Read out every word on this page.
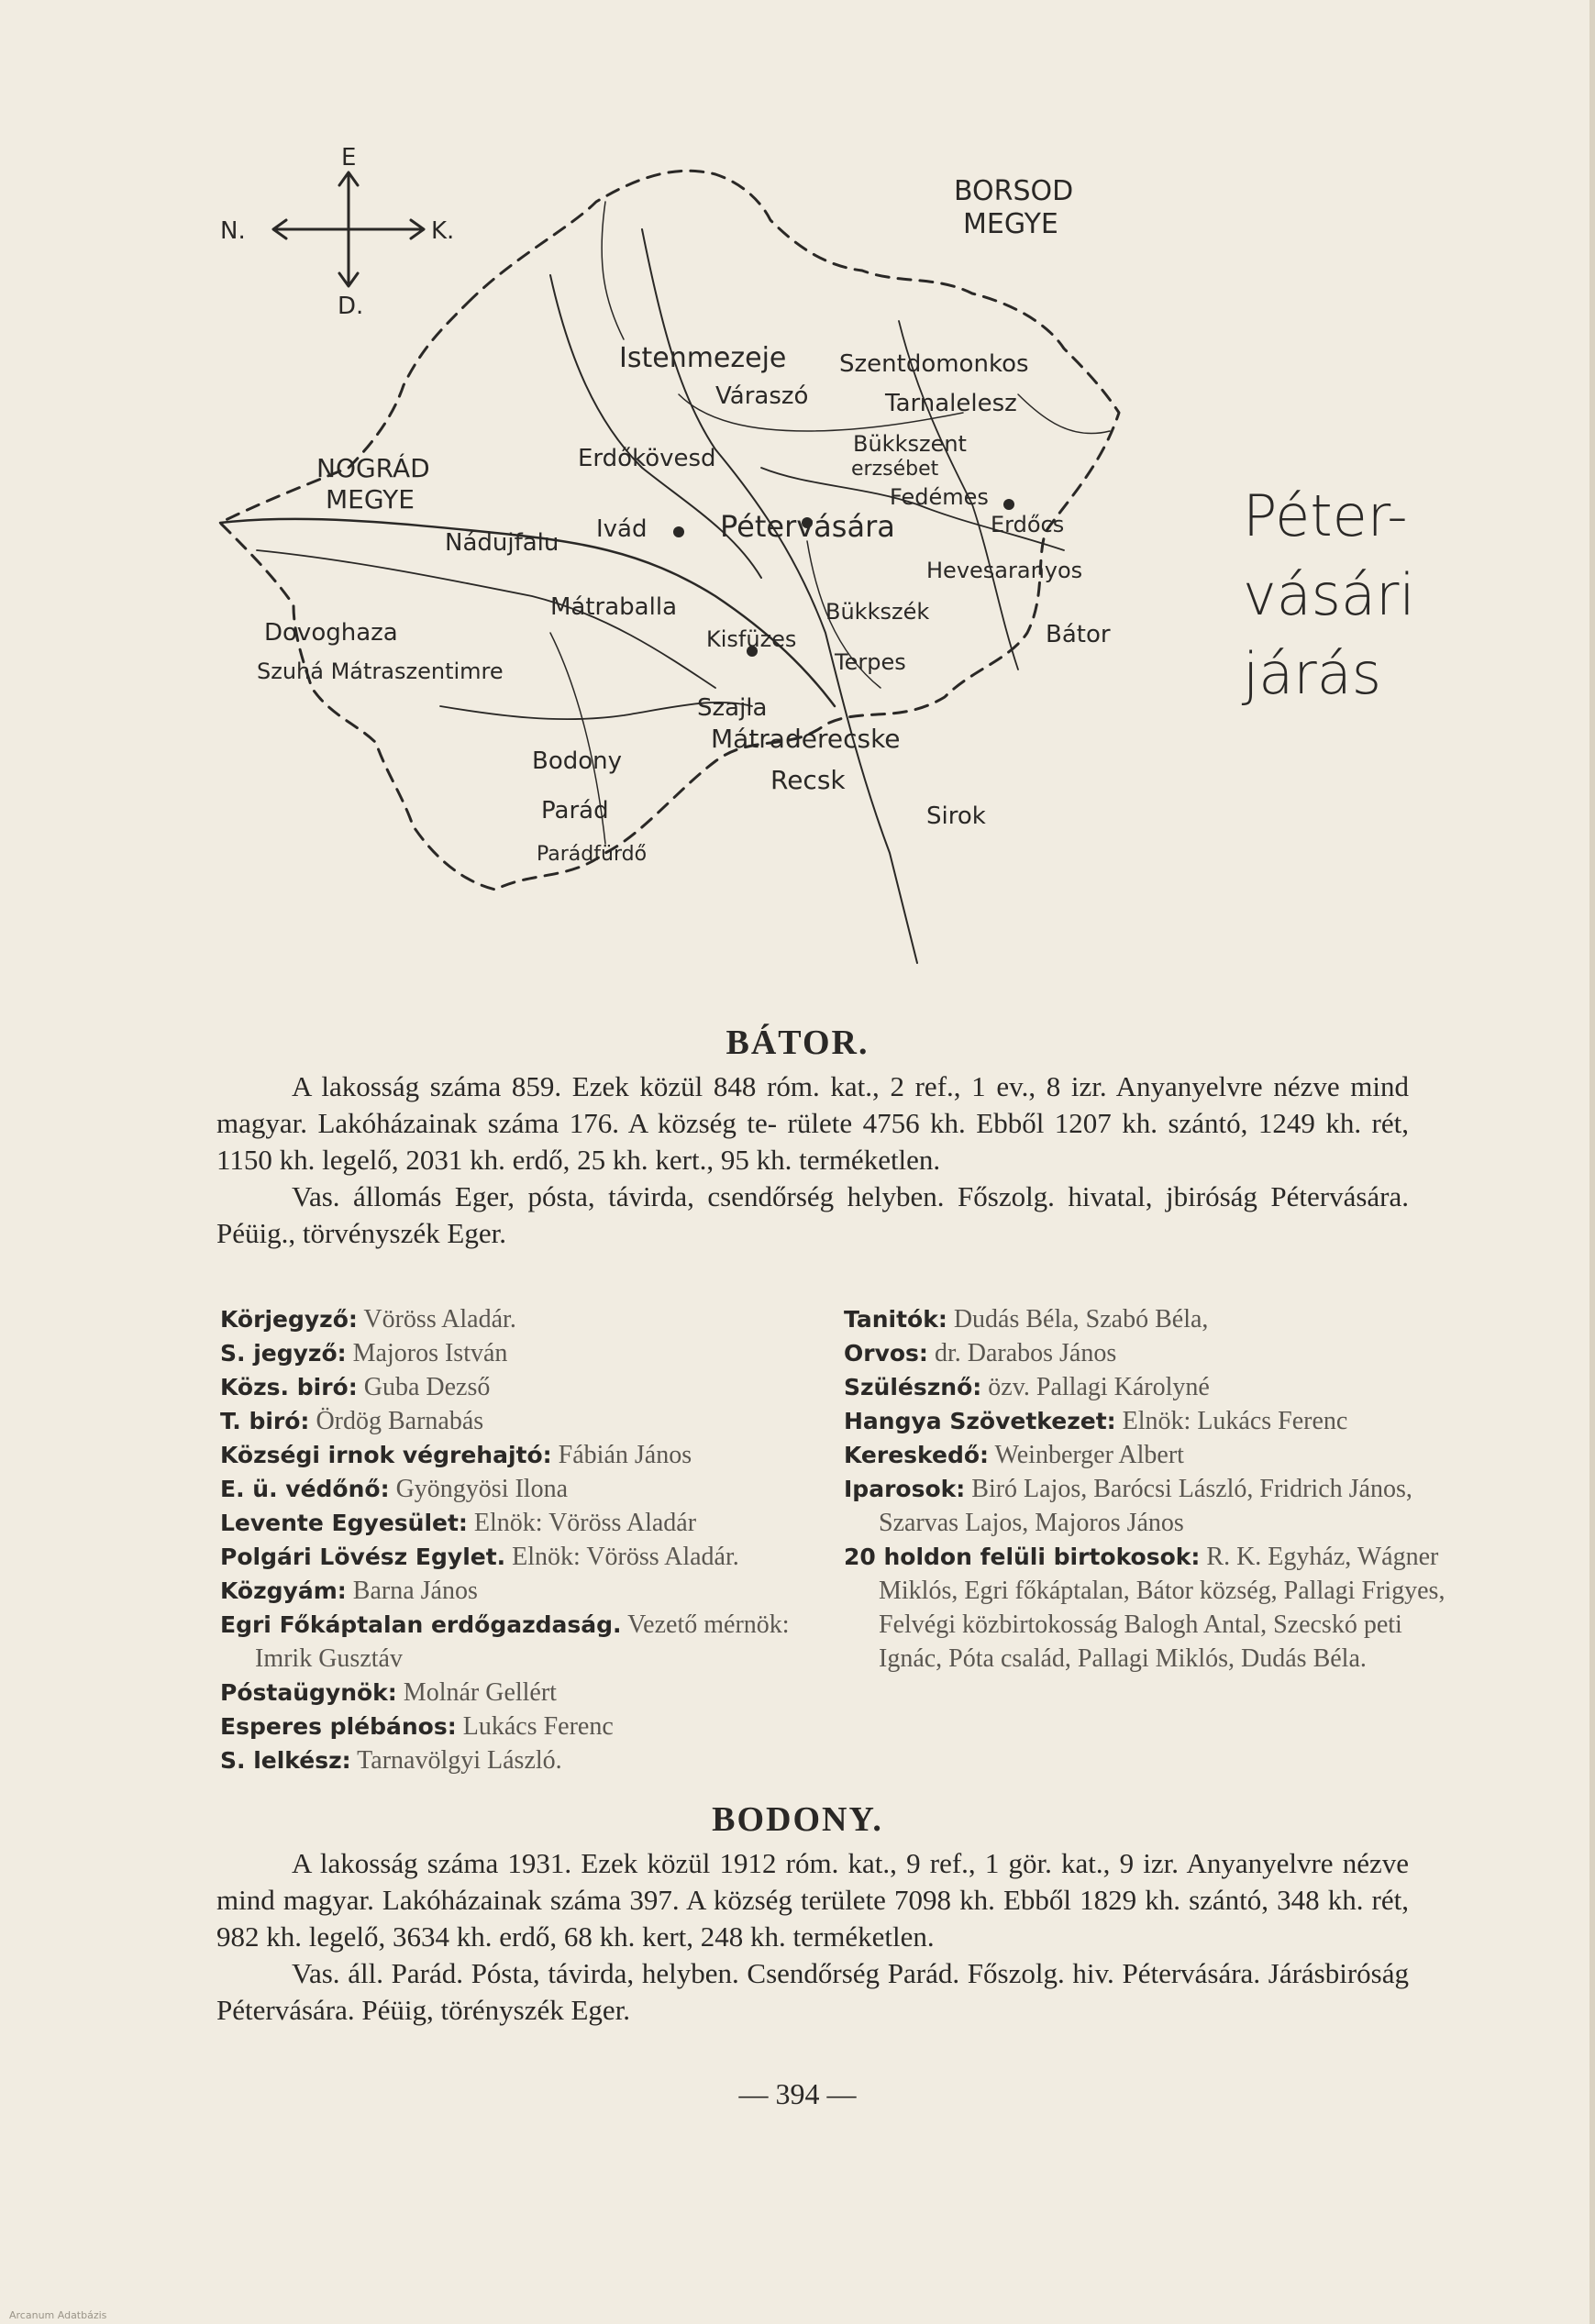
E
D.
N.	K.
BORSOD
MEGYE
NOGRÁD
MEGYE
Istenmezeje Szentdomonkos
Váraszó	Tarnalelesz
Erdőkövesd
Bükkszent
erzsébet
Fedémes
Ivád Pétervására	Erdőcs
Nádujfalu
Hevesaranyos
Bátor
Mátraballa
Kisfüzes
Bükkszék
Dovoghaza
Szuhá Mátraszentimre	Terpes
Szajla
Mátraderecske
Bodony
Recsk
Sirok
Parád
Parádfürdő
Péter-
vásári
járás
BÁTOR.

A lakosság száma 859. Ezek közül 848 róm. kat., 2 ref., 1 ev., 8 izr. Anyanyelvre nézve mind magyar. Lakóházainak száma 176. A község te- rülete 4756 kh. Ebből 1207 kh. szántó, 1249 kh. rét, 1150 kh. legelő, 2031 kh. erdő, 25 kh. kert., 95 kh. terméketlen.

Vas. állomás Eger, pósta, távirda, csendőrség helyben. Főszolg. hivatal, jbiróság Pétervására. Péüig., törvényszék Eger.

Körjegyző: Vöröss Aladár.
S. jegyző: Majoros István
Közs. biró: Guba Dezső
T. biró: Ördög Barnabás
Községi irnok végrehajtó: Fábián János
E. ü. védőnő: Gyöngyösi Ilona
Levente Egyesület: Elnök: Vöröss Aladár
Polgári Lövész Egylet. Elnök: Vöröss Aladár.
Közgyám: Barna János
Egri Főkáptalan erdőgazdaság. Vezető mérnök: Imrik Gusztáv
Póstaügynök: Molnár Gellért
Esperes plébános: Lukács Ferenc
S. lelkész: Tarnavölgyi László.
Tanitók: Dudás Béla, Szabó Béla,
Orvos: dr. Darabos János
Szülésznő: özv. Pallagi Károlyné
Hangya Szövetkezet: Elnök: Lukács Ferenc
Kereskedő: Weinberger Albert
Iparosok: Biró Lajos, Barócsi László, Fridrich János, Szarvas Lajos, Majoros János
20 holdon felüli birtokosok: R. K. Egyház, Wágner Miklós, Egri főkáptalan, Bátor község, Pallagi Frigyes, Felvégi közbirtokosság Balogh Antal, Szecskó peti Ignác, Póta család, Pallagi Miklós, Dudás Béla.
BODONY.

A lakosság száma 1931. Ezek közül 1912 róm. kat., 9 ref., 1 gör. kat., 9 izr. Anyanyelvre nézve mind magyar. Lakóházainak száma 397. A község területe 7098 kh. Ebből 1829 kh. szántó, 348 kh. rét, 982 kh. legelő, 3634 kh. erdő, 68 kh. kert, 248 kh. terméketlen.

Vas. áll. Parád. Pósta, távirda, helyben. Csendőrség Parád. Főszolg. hiv. Pétervására. Járásbiróság Pétervására. Péüig, törényszék Eger.

— 394 —
Arcanum Adatbázis
